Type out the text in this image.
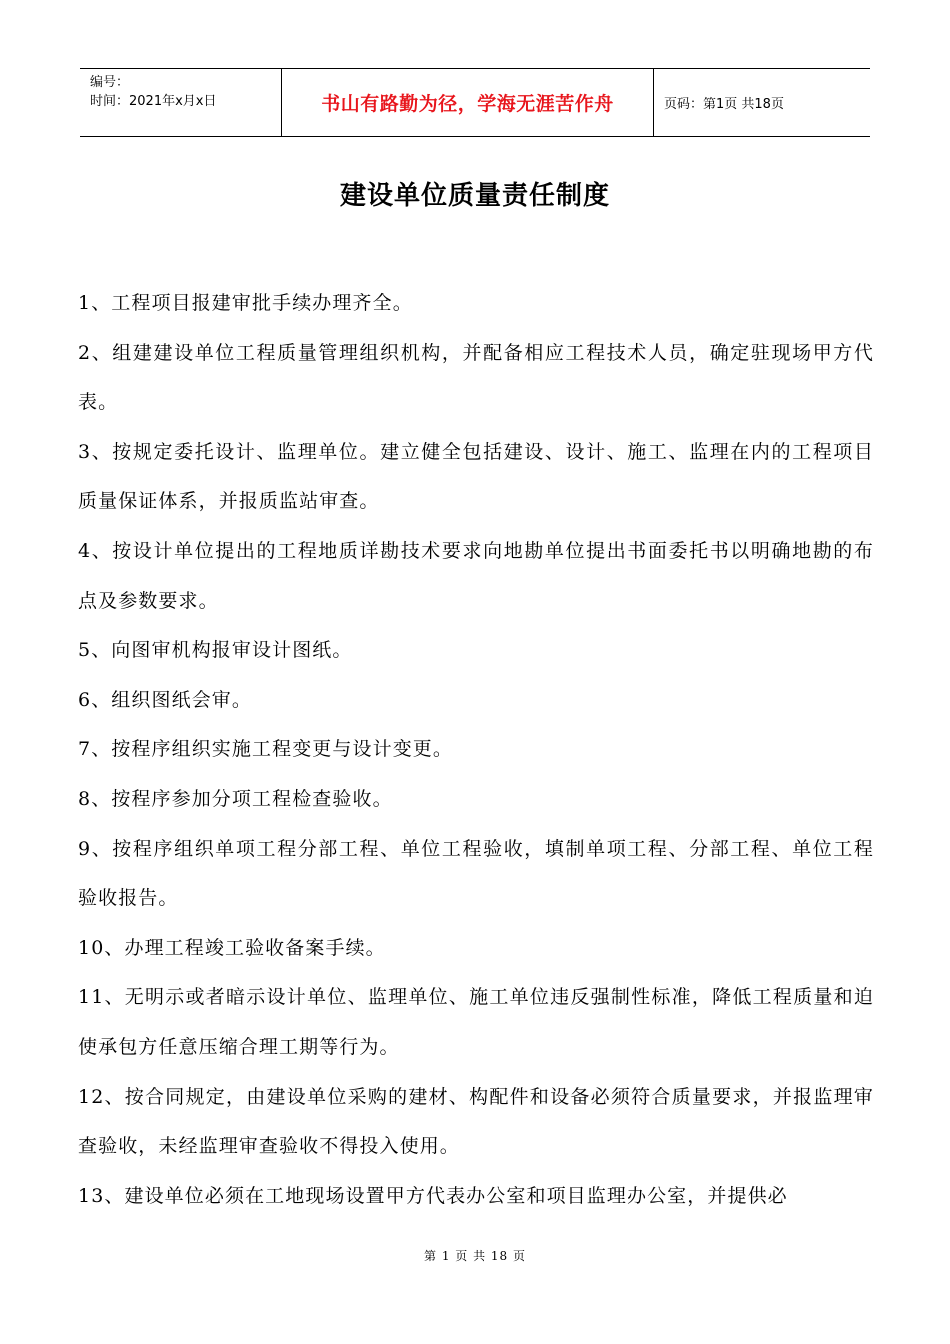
编号：
时间：2021年x月x日	书山有路勤为径，学海无涯苦作舟	页码：第1页 共18页
建设单位质量责任制度

1、工程项目报建审批手续办理齐全。

2、组建建设单位工程质量管理组织机构，并配备相应工程技术人员，确定驻现场甲方代表。

3、按规定委托设计、监理单位。建立健全包括建设、设计、施工、监理在内的工程项目质量保证体系，并报质监站审查。

4、按设计单位提出的工程地质详勘技术要求向地勘单位提出书面委托书以明确地勘的布点及参数要求。

5、向图审机构报审设计图纸。

6、组织图纸会审。

7、按程序组织实施工程变更与设计变更。

8、按程序参加分项工程检查验收。

9、按程序组织单项工程分部工程、单位工程验收，填制单项工程、分部工程、单位工程验收报告。

10、办理工程竣工验收备案手续。

11、无明示或者暗示设计单位、监理单位、施工单位违反强制性标准，降低工程质量和迫使承包方任意压缩合理工期等行为。

12、按合同规定，由建设单位采购的建材、构配件和设备必须符合质量要求，并报监理审查验收，未经监理审查验收不得投入使用。

13、建设单位必须在工地现场设置甲方代表办公室和项目监理办公室，并提供必

第 1 页 共 18 页
